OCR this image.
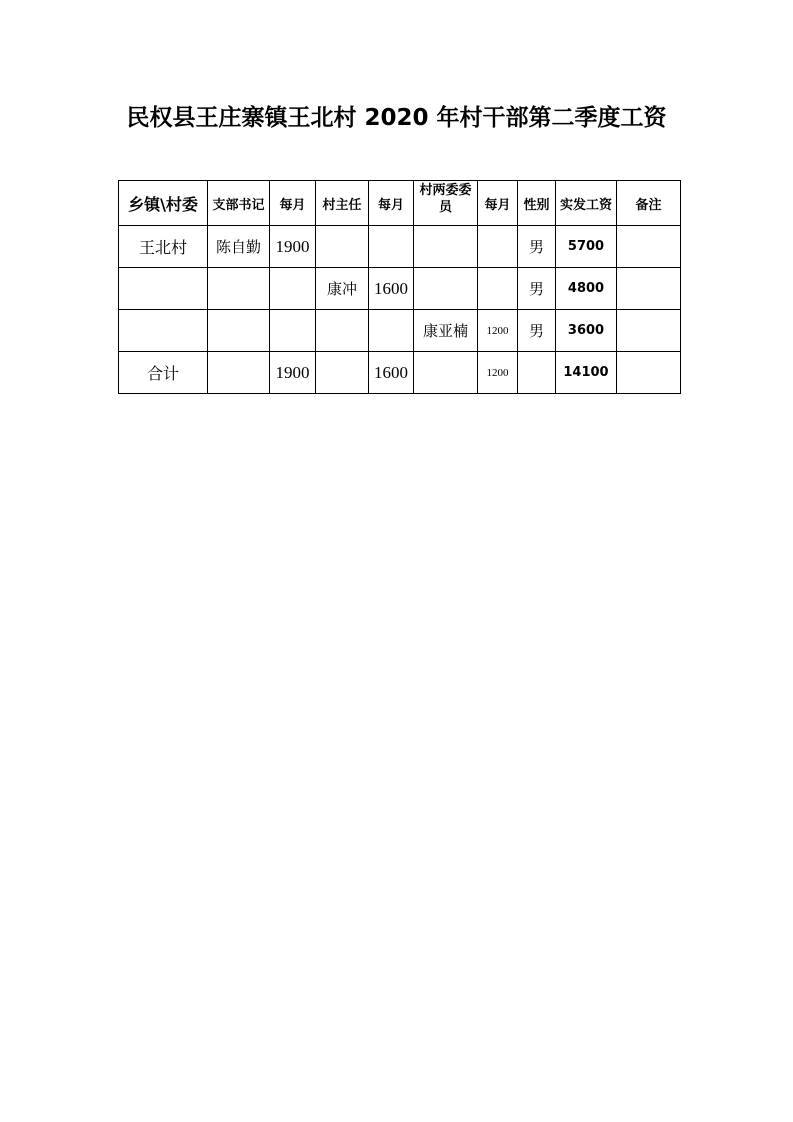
民权县王庄寨镇王北村 2020 年村干部第二季度工资
乡镇\村委	支部书记	每月	村主任	每月	村两委委员	每月	性别	实发工资	备注
王北村	陈自勤	1900					男	5700	
			康冲	1600			男	4800	
					康亚楠	1200	男	3600	
合计		1900		1600		1200		14100	
